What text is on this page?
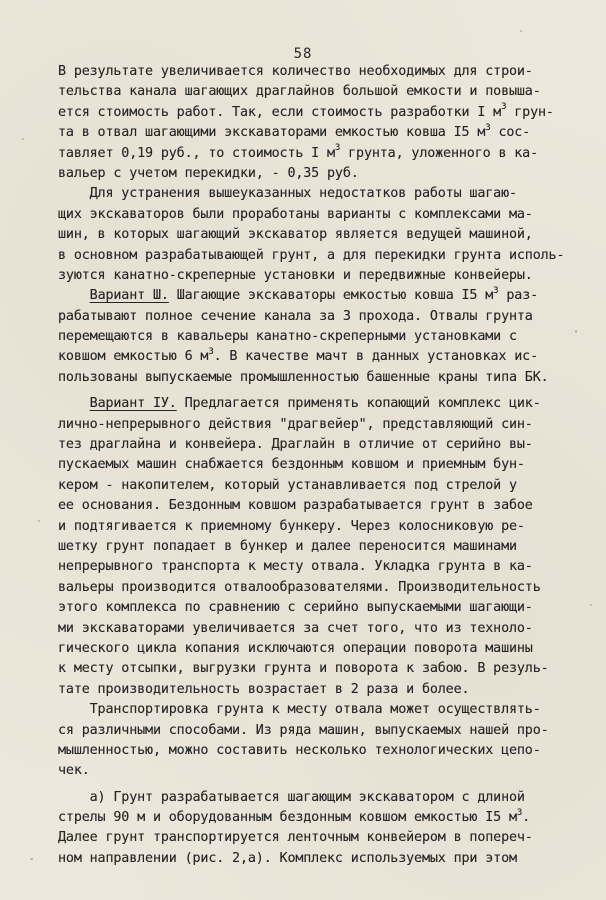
58
В результате увеличивается количество необходимых для строи-
тельства канала шагающих драглайнов большой емкости и повыша-
ется стоимость работ. Так, если стоимость разработки I $м^3$ грун-
та в отвал шагающими экскаваторами емкостью ковша I5 $м^3$ сос-
тавляет 0,19 руб., то стоимость I $м^3$ грунта, уложенного в ка-
вальер с учетом перекидки, - 0,35 руб.
Для устранения вышеуказанных недостатков работы шагаю-
щих экскаваторов были проработаны варианты с комплексами ма-
шин, в которых шагающий экскаватор является ведущей машиной,
в основном разрабатывающей грунт, а для перекидки грунта исполь-
зуются канатно-скреперные установки и передвижные конвейеры.
Вариант Ш. Шагающие экскаваторы емкостью ковша I5 $м^3$ раз-
рабатывают полное сечение канала за 3 прохода. Отвалы грунта
перемещаются в кавальеры канатно-скреперными установками с
ковшом емкостью 6 $м^3$. В качестве мачт в данных установках ис-
пользованы выпускаемые промышленностью башенные краны типа БК.
Вариант IУ. Предлагается применять копающий комплекс цик-
лично-непрерывного действия "драгвейер", представляющий син-
тез драглайна и конвейера. Драглайн в отличие от серийно вы-
пускаемых машин снабжается бездонным ковшом и приемным бун-
кером - накопителем, который устанавливается под стрелой у
ее основания. Бездонным ковшом разрабатывается грунт в забое
и подтягивается к приемному бункеру. Через колосниковую ре-
шетку грунт попадает в бункер и далее переносится машинами
непрерывного транспорта к месту отвала. Укладка грунта в ка-
вальеры производится отвалообразователями. Производительность
этого комплекса по сравнению с серийно выпускаемыми шагающи-
ми экскаваторами увеличивается за счет того, что из техноло-
гического цикла копания исключаются операции поворота машины
к месту отсыпки, выгрузки грунта и поворота к забою. В резуль-
тате производительность возрастает в 2 раза и более.
Транспортировка грунта к месту отвала может осуществлять-
ся различными способами. Из ряда машин, выпускаемых нашей про-
мышленностью, можно составить несколько технологических цепо-
чек.
а) Грунт разрабатывается шагающим экскаватором с длиной
стрелы 90 м и оборудованным бездонным ковшом емкостью I5 $м^3$.
Далее грунт транспортируется ленточным конвейером в попереч-
ном направлении (рис. 2,а). Комплекс используемых при этом
